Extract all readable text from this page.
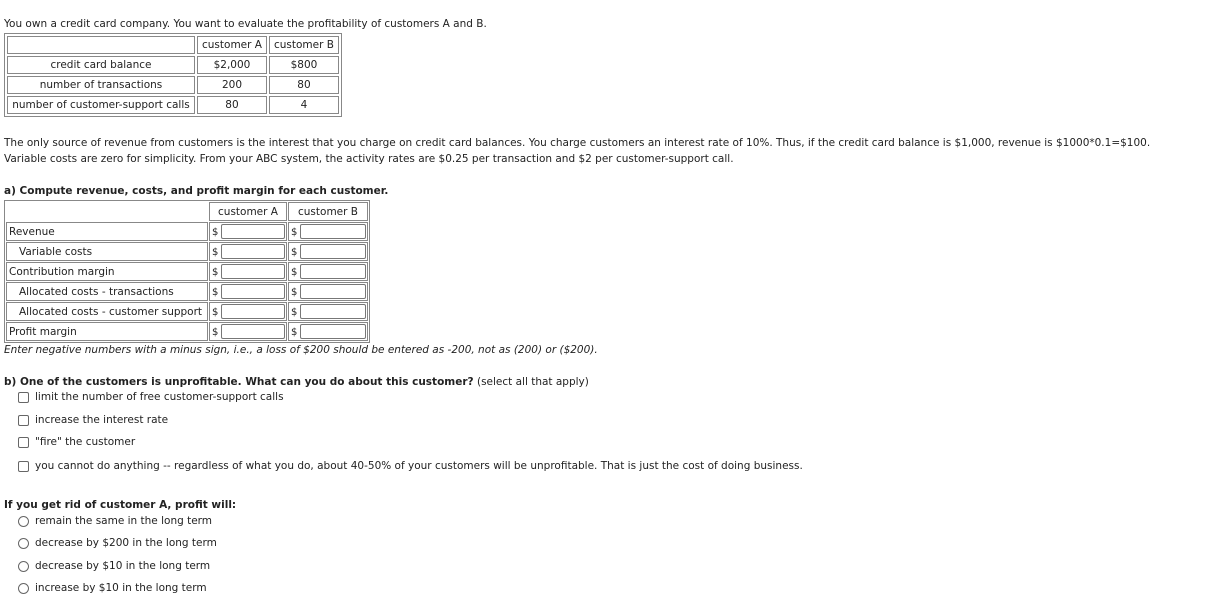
You own a credit card company. You want to evaluate the profitability of customers A and B.

	customer A	customer B
credit card balance	$2,000	$800
number of transactions	200	80
number of customer-support calls	80	4

The only source of revenue from customers is the interest that you charge on credit card balances. You charge customers an interest rate of 10%. Thus, if the credit card balance is $1,000, revenue is $1000*0.1=$100.

Variable costs are zero for simplicity. From your ABC system, the activity rates are $0.25 per transaction and $2 per customer-support call.

a) Compute revenue, costs, and profit margin for each customer.

	customer A	customer B
Revenue	$	$
Variable costs	$	$
Contribution margin	$	$
Allocated costs - transactions	$	$
Allocated costs - customer support	$	$
Profit margin	$	$

Enter negative numbers with a minus sign, i.e., a loss of $200 should be entered as -200, not as (200) or ($200).

b) One of the customers is unprofitable. What can you do about this customer? (select all that apply)

limit the number of free customer-support calls
increase the interest rate
"fire" the customer
you cannot do anything -- regardless of what you do, about 40-50% of your customers will be unprofitable. That is just the cost of doing business.

If you get rid of customer A, profit will:

remain the same in the long term
decrease by $200 in the long term
decrease by $10 in the long term
increase by $10 in the long term
